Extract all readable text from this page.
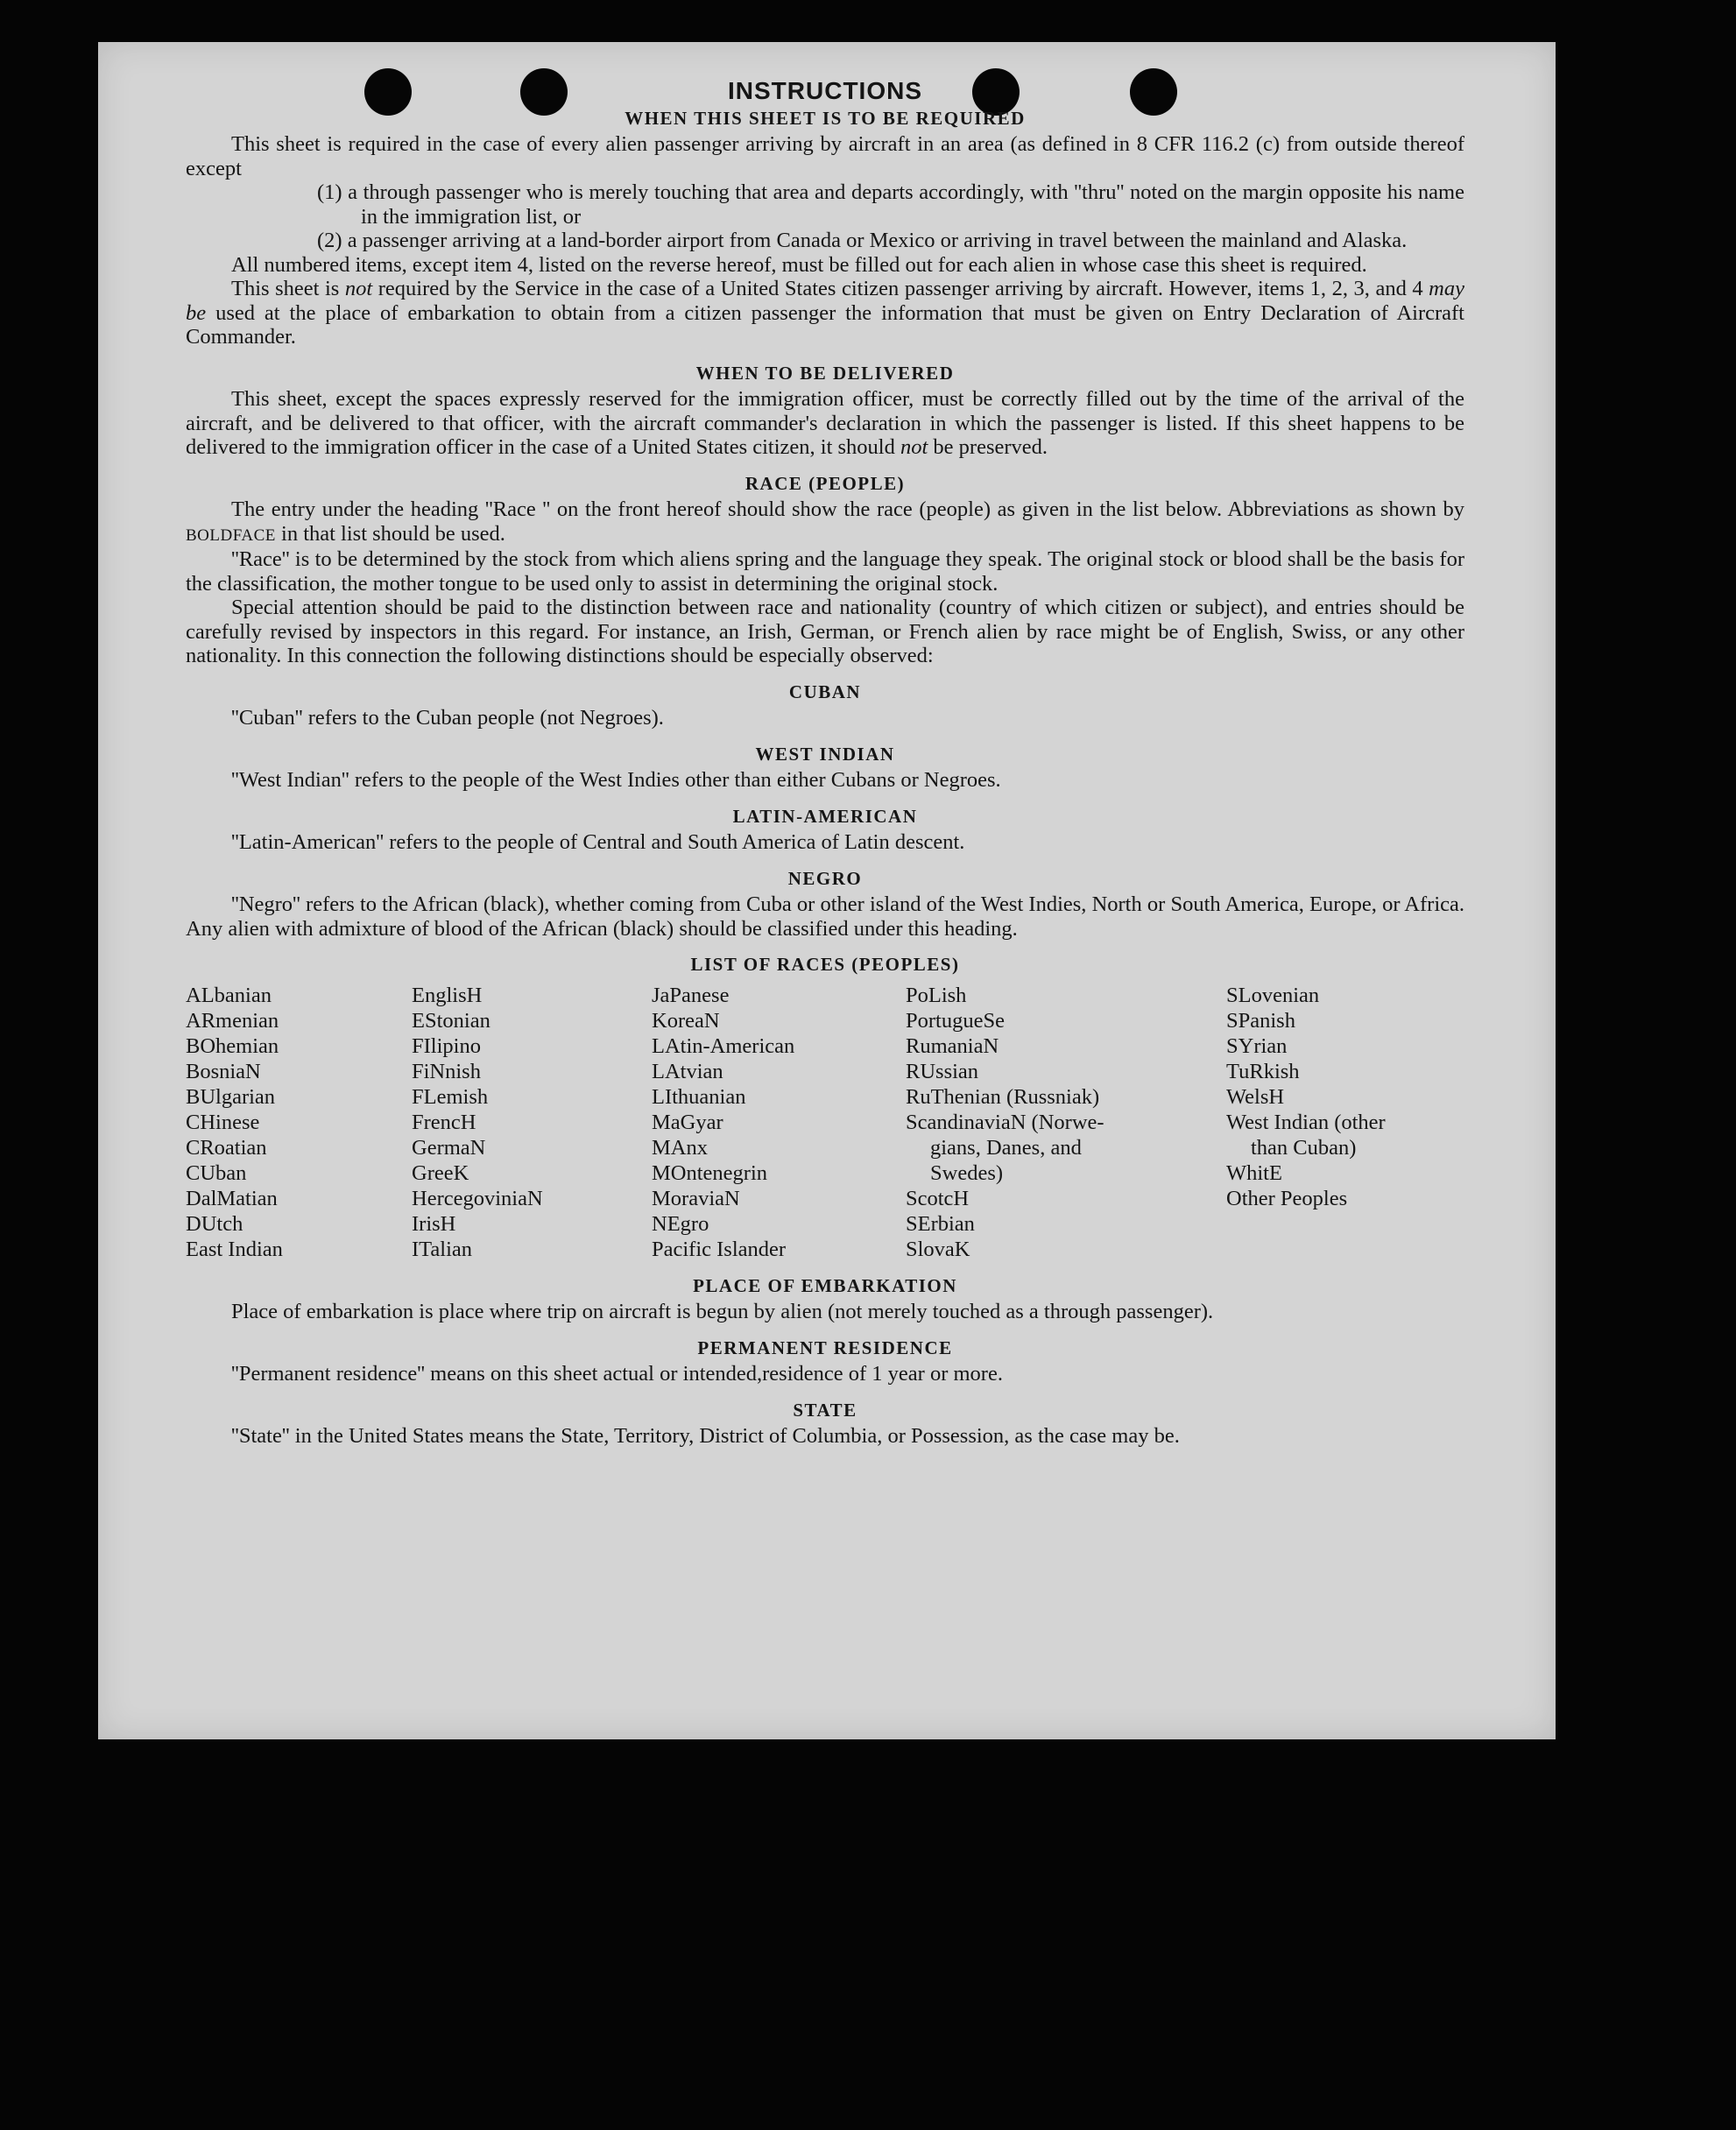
INSTRUCTIONS
WHEN THIS SHEET IS TO BE REQUIRED

This sheet is required in the case of every alien passenger arriving by aircraft in an area (as defined in 8 CFR 116.2 (c) from outside thereof except

(1) a through passenger who is merely touching that area and departs accordingly, with ''thru'' noted on the margin opposite his name in the immigration list, or

(2) a passenger arriving at a land-border airport from Canada or Mexico or arriving in travel between the mainland and Alaska.

All numbered items, except item 4, listed on the reverse hereof, must be filled out for each alien in whose case this sheet is required.

This sheet is not required by the Service in the case of a United States citizen passenger arriving by aircraft. However, items 1, 2, 3, and 4 may be used at the place of embarkation to obtain from a citizen passenger the information that must be given on Entry Declaration of Aircraft Commander.

WHEN TO BE DELIVERED

This sheet, except the spaces expressly reserved for the immigration officer, must be correctly filled out by the time of the arrival of the aircraft, and be delivered to that officer, with the aircraft commander's declaration in which the passenger is listed. If this sheet happens to be delivered to the immigration officer in the case of a United States citizen, it should not be preserved.

RACE (PEOPLE)

The entry under the heading ''Race '' on the front hereof should show the race (people) as given in the list below. Abbreviations as shown by BOLDFACE in that list should be used.

''Race'' is to be determined by the stock from which aliens spring and the language they speak. The original stock or blood shall be the basis for the classification, the mother tongue to be used only to assist in determining the original stock.

Special attention should be paid to the distinction between race and nationality (country of which citizen or subject), and entries should be carefully revised by inspectors in this regard. For instance, an Irish, German, or French alien by race might be of English, Swiss, or any other nationality. In this connection the following distinctions should be especially observed:

CUBAN

''Cuban'' refers to the Cuban people (not Negroes).

WEST INDIAN

''West Indian'' refers to the people of the West Indies other than either Cubans or Negroes.

LATIN-AMERICAN

''Latin-American'' refers to the people of Central and South America of Latin descent.

NEGRO

''Negro'' refers to the African (black), whether coming from Cuba or other island of the West Indies, North or South America, Europe, or Africa. Any alien with admixture of blood of the African (black) should be classified under this heading.

LIST OF RACES (PEOPLES)
ALbanian
ARmenian
BOhemian
BosniaN
BUlgarian
CHinese
CRoatian
CUban
DalMatian
DUtch
East Indian
EnglisH
EStonian
FIlipino
FiNnish
FLemish
FrencH
GermaN
GreeK
HercegoviniaN
IrisH
ITalian
JaPanese
KoreaN
LAtin-American
LAtvian
LIthuanian
MaGyar
MAnx
MOntenegrin
MoraviaN
NEgro
Pacific Islander
PoLish
PortugueSe
RumaniaN
RUssian
RuThenian (Russniak)
ScandinaviaN (Norwe-
gians, Danes, and
Swedes)
ScotcH
SErbian
SlovaK
SLovenian
SPanish
SYrian
TuRkish
WelsH
West Indian (other
than Cuban)
WhitE
Other Peoples
PLACE OF EMBARKATION

Place of embarkation is place where trip on aircraft is begun by alien (not merely touched as a through passenger).

PERMANENT RESIDENCE

''Permanent residence'' means on this sheet actual or intended,residence of 1 year or more.

STATE

''State'' in the United States means the State, Territory, District of Columbia, or Possession, as the case may be.
